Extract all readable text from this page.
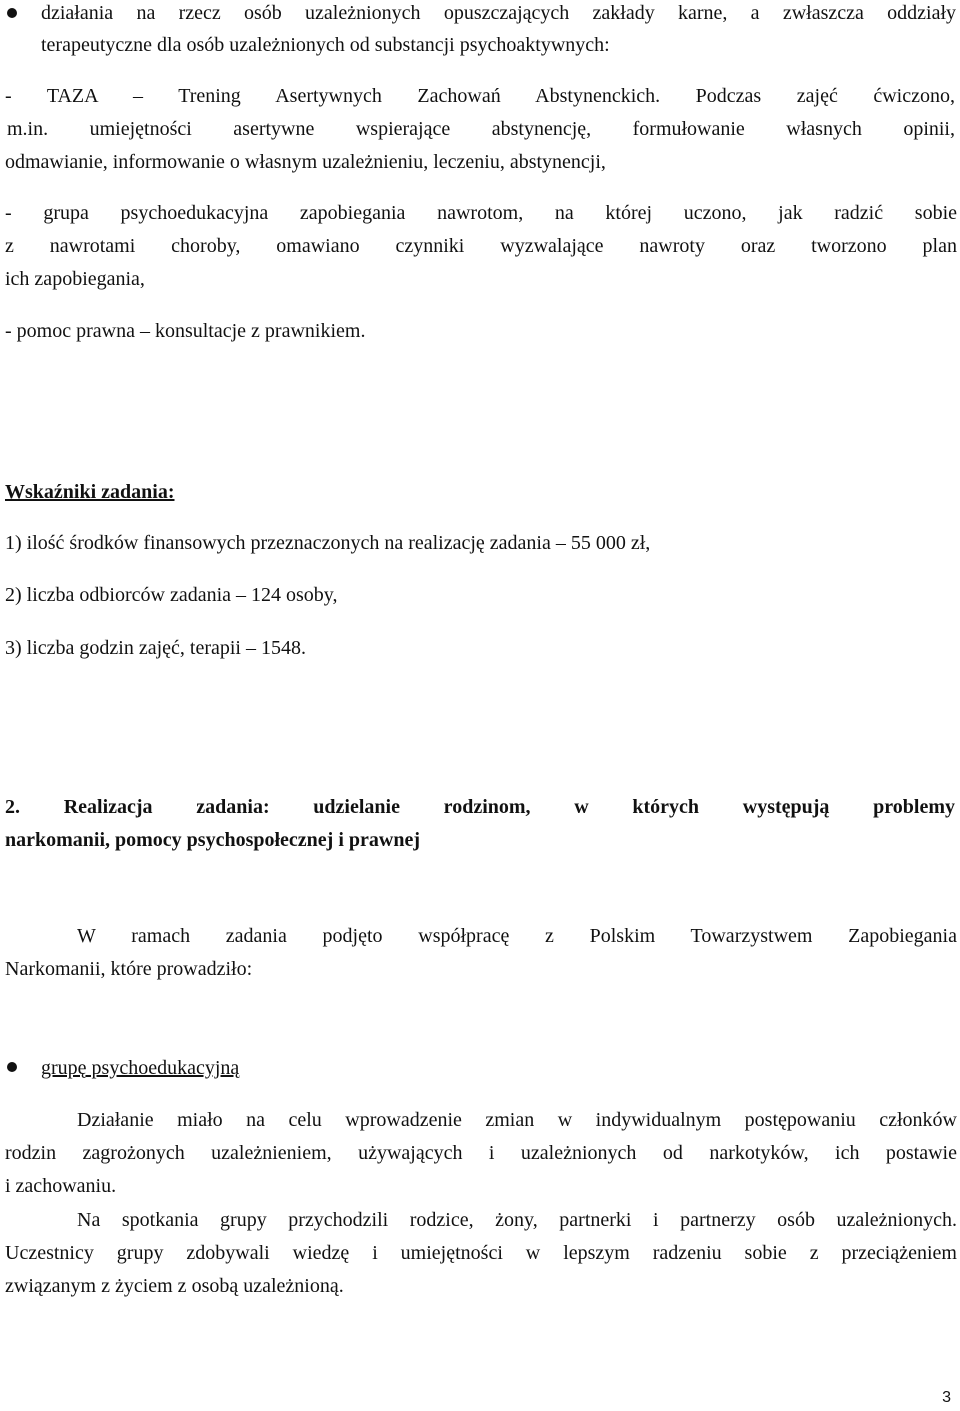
działania na rzecz osób uzależnionych opuszczających zakłady karne, a zwłaszcza oddziały
terapeutyczne dla osób uzależnionych od substancji psychoaktywnych:
- TAZA – Trening Asertywnych Zachowań Abstynenckich. Podczas zajęć ćwiczono,
m.in. umiejętności asertywne wspierające abstynencję, formułowanie własnych opinii,
odmawianie, informowanie o własnym uzależnieniu, leczeniu, abstynencji,
- grupa psychoedukacyjna zapobiegania nawrotom, na której uczono, jak radzić sobie
z nawrotami choroby, omawiano czynniki wyzwalające nawroty oraz tworzono plan
ich zapobiegania,
- pomoc prawna – konsultacje z prawnikiem.
Wskaźniki zadania:
1) ilość środków finansowych przeznaczonych na realizację zadania – 55 000 zł,
2) liczba odbiorców zadania – 124 osoby,
3) liczba godzin zajęć, terapii – 1548.
2. Realizacja zadania: udzielanie rodzinom, w których występują problemy
narkomanii, pomocy psychospołecznej i prawnej
W ramach zadania podjęto współpracę z Polskim Towarzystwem Zapobiegania
Narkomanii, które prowadziło:
grupę psychoedukacyjną
Działanie miało na celu wprowadzenie zmian w indywidualnym postępowaniu członków
rodzin zagrożonych uzależnieniem, używających i uzależnionych od narkotyków, ich postawie
i zachowaniu.
Na spotkania grupy przychodzili rodzice, żony, partnerki i partnerzy osób uzależnionych.
Uczestnicy grupy zdobywali wiedzę i umiejętności w lepszym radzeniu sobie z przeciążeniem
związanym z życiem z osobą uzależnioną.
3
